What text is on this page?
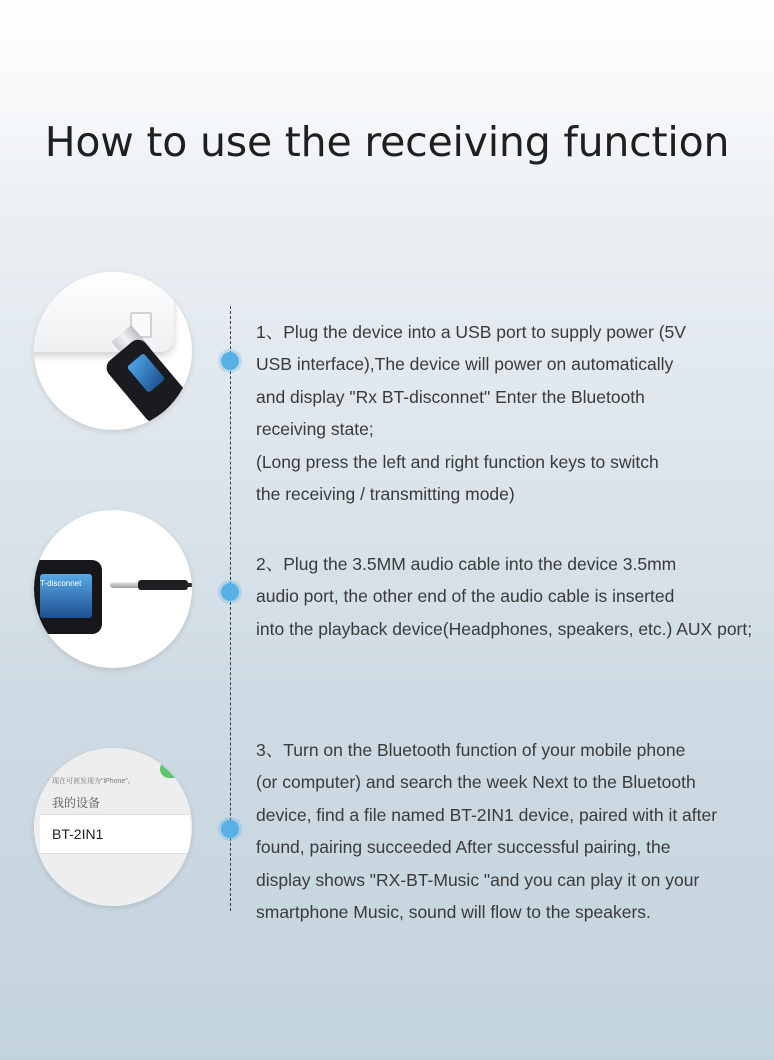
How to use the receiving function
1、Plug the device into a USB port to supply power (5V
USB interface),The device will power on automatically
and display "Rx BT-disconnet" Enter the Bluetooth
receiving state;
(Long press the left and right function keys to switch
the receiving / transmitting mode)
T-disconnet
2、Plug the 3.5MM audio cable into the device 3.5mm
audio port, the other end of the audio cable is inserted
into the playback device(Headphones, speakers, etc.) AUX port;
现在可被发现为"iPhone"。
我的设备
BT-2IN1
3、Turn on the Bluetooth function of your mobile phone
(or computer) and search the week Next to the Bluetooth
device, find a file named BT-2IN1 device, paired with it after
found, pairing succeeded After successful pairing, the
display shows "RX-BT-Music "and you can play it on your
smartphone Music, sound will flow to the speakers.
